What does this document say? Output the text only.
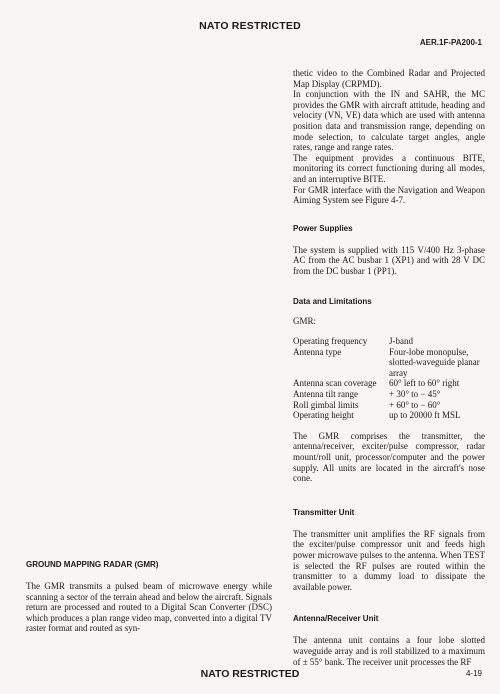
NATO RESTRICTED
AER.1F-PA200-1

thetic video to the Combined Radar and Projected Map Display (CRPMD).

In conjunction with the IN and SAHR, the MC provides the GMR with aircraft attitude, heading and velocity (VN, VE) data which are used with antenna position data and transmission range, depending on mode selection, to calculate target angles, angle rates, range and range rates.

The equipment provides a continuous BITE, monitoring its correct functioning during all modes, and an interruptive BITE.

For GMR interface with the Navigation and Weapon Aiming System see Figure 4-7.

Power Supplies

The system is supplied with 115 V/400 Hz 3-phase AC from the AC busbar 1 (XP1) and with 28 V DC from the DC busbar 1 (PP1).

Data and Limitations

GMR:

Operating frequency	J-band
Antenna type	Four-lobe monopulse, slotted-waveguide planar array
Antenna scan coverage	60° left to 60° right
Antenna tilt range	+ 30° to − 45°
Roll gimbal limits	+ 60° to − 60°
Operating height	up to 20000 ft MSL

The GMR comprises the transmitter, the antenna/receiver, exciter/pulse compressor, radar mount/roll unit, processor/computer and the power supply. All units are located in the aircraft's nose cone.

Transmitter Unit

The transmitter unit amplifies the RF signals from the exciter/pulse compressor unit and feeds high power microwave pulses to the antenna. When TEST is selected the RF pulses are routed within the transmitter to a dummy load to dissipate the available power.

Antenna/Receiver Unit

The antenna unit contains a four lobe slotted waveguide array and is roll stabilized to a maximum of ± 55° bank. The receiver unit processes the RF

GROUND MAPPING RADAR (GMR)

The GMR transmits a pulsed beam of microwave energy while scanning a sector of the terrain ahead and below the aircraft. Signals return are processed and routed to a Digital Scan Converter (DSC) which produces a plan range video map, converted into a digital TV raster format and routed as syn-

NATO RESTRICTED	4-19
